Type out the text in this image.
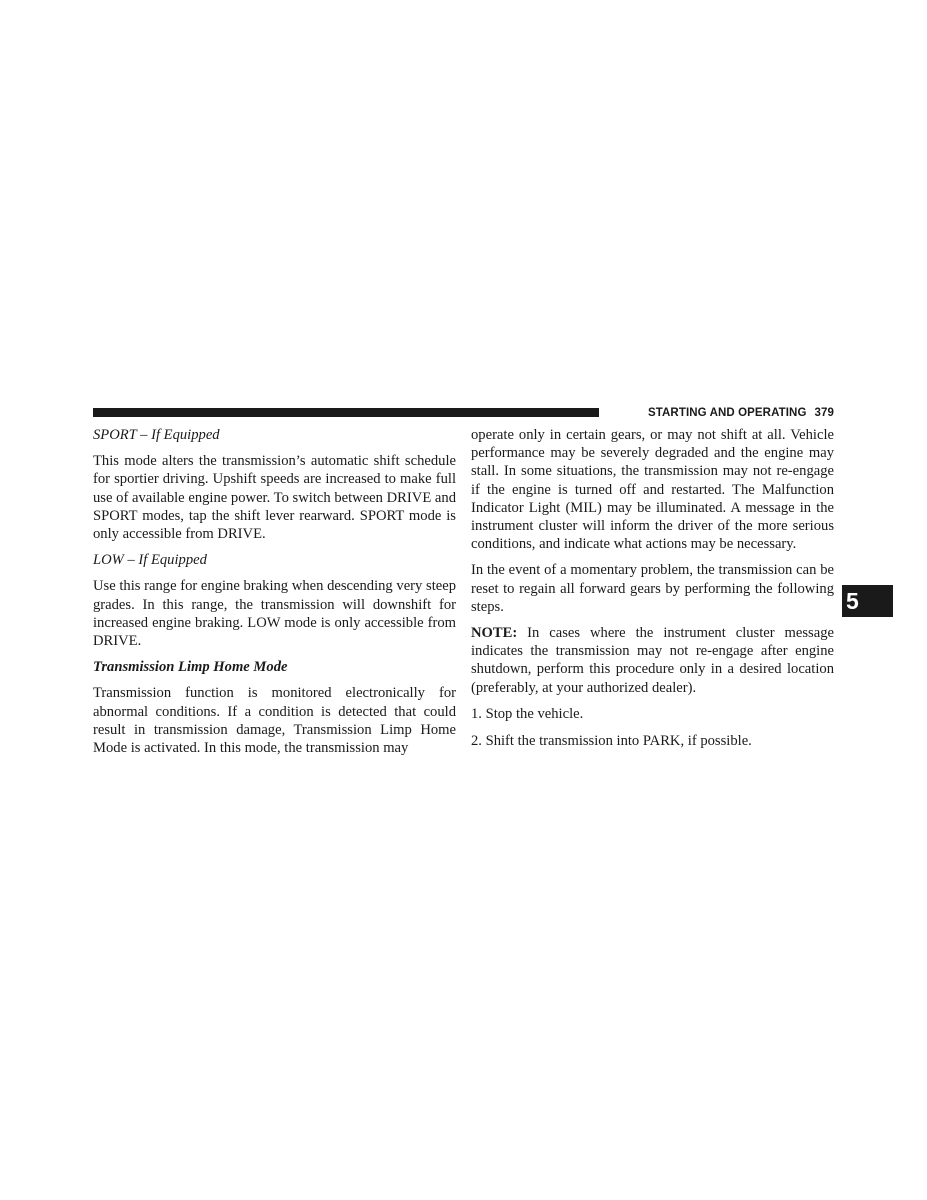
STARTING AND OPERATING 379

SPORT – If Equipped

This mode alters the transmission’s automatic shift schedule for sportier driving. Upshift speeds are increased to make full use of available engine power. To switch between DRIVE and SPORT modes, tap the shift lever rearward. SPORT mode is only accessible from DRIVE.

LOW – If Equipped

Use this range for engine braking when descending very steep grades. In this range, the transmission will downshift for increased engine braking. LOW mode is only accessible from DRIVE.

Transmission Limp Home Mode

Transmission function is monitored electronically for abnormal conditions. If a condition is detected that could result in transmission damage, Transmission Limp Home Mode is activated. In this mode, the transmission may

operate only in certain gears, or may not shift at all. Vehicle performance may be severely degraded and the engine may stall. In some situations, the transmission may not re-engage if the engine is turned off and restarted. The Malfunction Indicator Light (MIL) may be illuminated. A message in the instrument cluster will inform the driver of the more serious conditions, and indicate what actions may be necessary.

In the event of a momentary problem, the transmission can be reset to regain all forward gears by performing the following steps.

NOTE: In cases where the instrument cluster message indicates the transmission may not re-engage after engine shutdown, perform this procedure only in a desired location (preferably, at your authorized dealer).

1. Stop the vehicle.

2. Shift the transmission into PARK, if possible.

5
